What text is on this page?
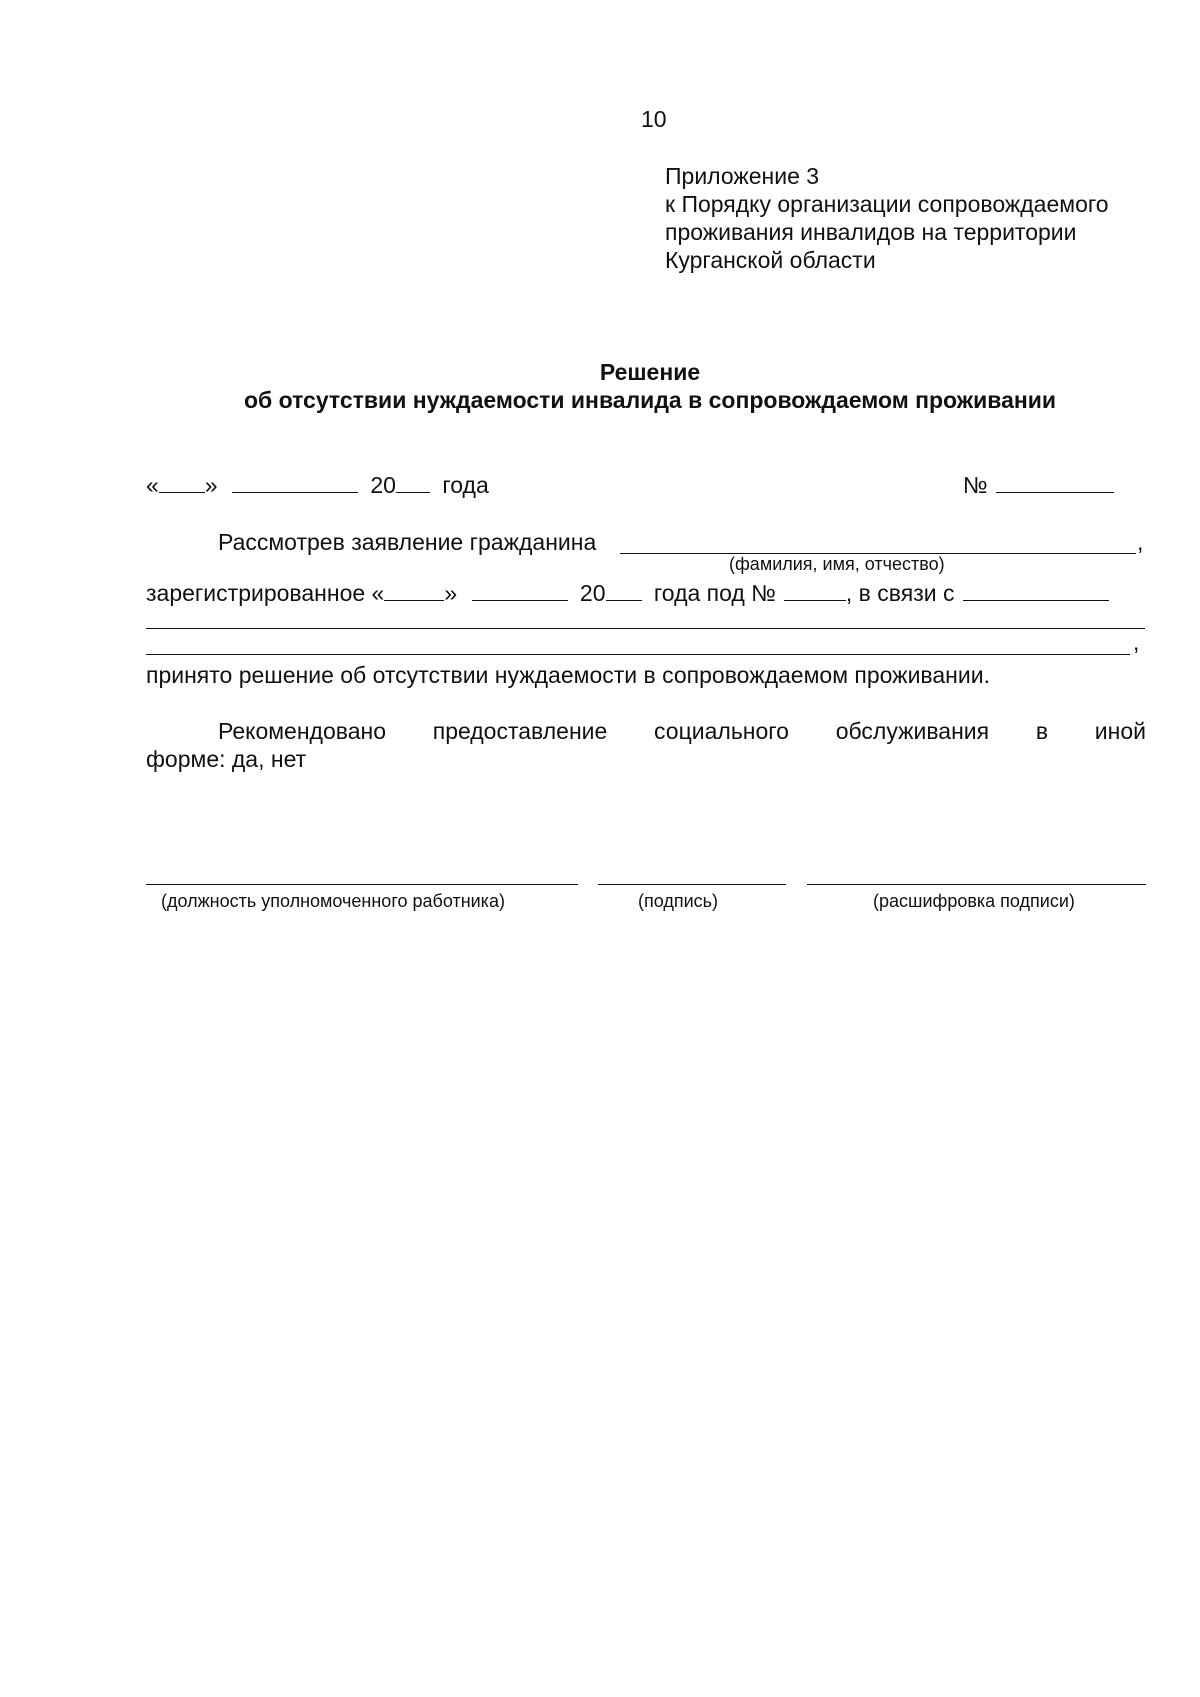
10
Приложение 3
к Порядку организации сопровождаемого
проживания инвалидов на территории
Курганской области
Решение
об отсутствии нуждаемости инвалида в сопровождаемом проживании
« »	20 года	№
Рассмотрев заявление гражданина	,
(фамилия, имя, отчество)
зарегистрированное «	»	20 года под №	, в связи с
,
принято решение об отсутствии нуждаемости в сопровождаемом проживании.
Рекомендовано предоставление социального обслуживания в иной
форме: да, нет
(должность уполномоченного работника)	(подпись)	(расшифровка подписи)
